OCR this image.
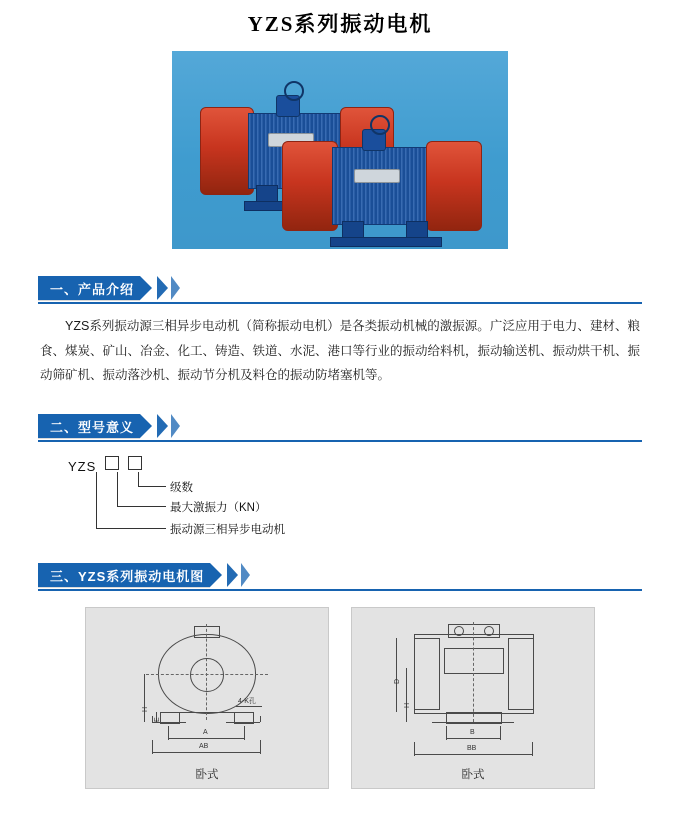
YZS系列振动电机
一、 产品介绍
YZS系列振动源三相异步电动机（简称振动电机）是各类振动机械的激振源。广泛应用于电力、建材、粮食、煤炭、矿山、冶金、化工、铸造、铁道、水泥、港口等行业的振动给料机，振动输送机、振动烘干机、振动筛矿机、振动落沙机、振动节分机及料仓的振动防堵塞机等。
二、 型号意义
YZS
级数
最大激振力（KN）
振动源三相异步电动机
三、 YZS系列振动电机图
A
AB
4-K孔
H
E
卧式
B
BB
H
D
卧式
